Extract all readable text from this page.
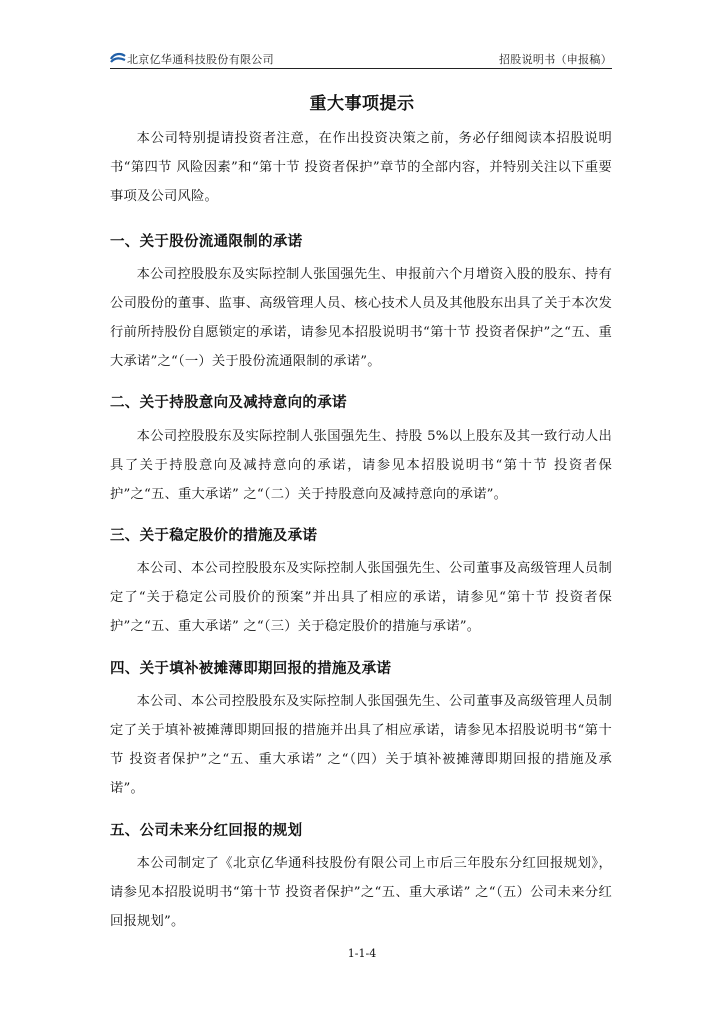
北京亿华通科技股份有限公司	招股说明书（申报稿）
重大事项提示

本公司特别提请投资者注意，在作出投资决策之前，务必仔细阅读本招股说明书“第四节 风险因素”和“第十节 投资者保护”章节的全部内容，并特别关注以下重要事项及公司风险。

一、关于股份流通限制的承诺

本公司控股股东及实际控制人张国强先生、申报前六个月增资入股的股东、持有公司股份的董事、监事、高级管理人员、核心技术人员及其他股东出具了关于本次发行前所持股份自愿锁定的承诺，请参见本招股说明书“第十节 投资者保护”之“五、重大承诺”之“（一）关于股份流通限制的承诺”。

二、关于持股意向及减持意向的承诺

本公司控股股东及实际控制人张国强先生、持股 5%以上股东及其一致行动人出具了关于持股意向及减持意向的承诺，请参见本招股说明书“第十节 投资者保护”之“五、重大承诺” 之“（二）关于持股意向及减持意向的承诺”。

三、关于稳定股价的措施及承诺

本公司、本公司控股股东及实际控制人张国强先生、公司董事及高级管理人员制定了“关于稳定公司股价的预案”并出具了相应的承诺，请参见“第十节 投资者保护”之“五、重大承诺” 之“（三）关于稳定股价的措施与承诺”。

四、关于填补被摊薄即期回报的措施及承诺

本公司、本公司控股股东及实际控制人张国强先生、公司董事及高级管理人员制定了关于填补被摊薄即期回报的措施并出具了相应承诺，请参见本招股说明书“第十节 投资者保护”之“五、重大承诺” 之“（四）关于填补被摊薄即期回报的措施及承诺”。

五、公司未来分红回报的规划

本公司制定了《北京亿华通科技股份有限公司上市后三年股东分红回报规划》，请参见本招股说明书“第十节 投资者保护”之“五、重大承诺” 之“（五）公司未来分红回报规划”。

1-1-4
